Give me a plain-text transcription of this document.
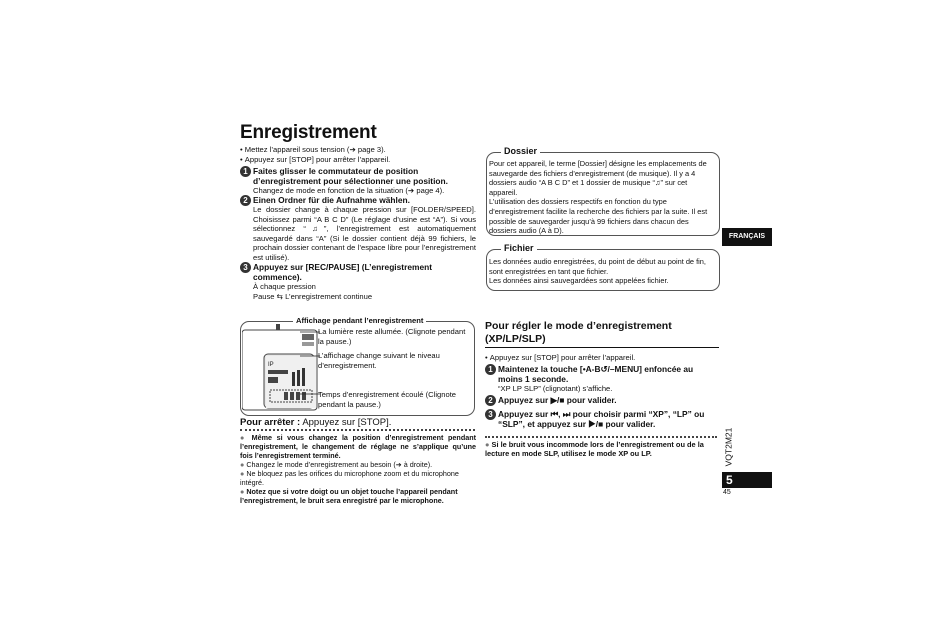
Enregistrement
• Mettez l’appareil sous tension (➔ page 3).
• Appuyez sur [STOP] pour arrêter l’appareil.
1 Faites glisser le commutateur de position d’enregistrement pour sélectionner une position.
Changez de mode en fonction de la situation (➔ page 4).
2 Einen Ordner für die Aufnahme wählen.
Le dossier change à chaque pression sur [FOLDER/SPEED]. Choisissez parmi “A B C D” (Le réglage d’usine est “A”). Si vous sélectionnez “♫”, l’enregistrement est automatiquement sauvegardé dans “A” (Si le dossier contient déjà 99 fichiers, le prochain dossier contenant de l’espace libre pour l’enregistrement est utilisé).
3 Appuyez sur [REC/PAUSE] (L’enregistrement commence).
À chaque pression
Pause ⇆ L’enregistrement continue
Affichage pendant l’enregistrement
IP
La lumière reste allumée. (Clignote pendant la pause.)
L’affichage change suivant le niveau d’enregistrement.
Temps d’enregistrement écoulé (Clignote pendant la pause.)
Pour arrêter : Appuyez sur [STOP].
● Même si vous changez la position d’enregistrement pendant l’enregistrement, le changement de réglage ne s’applique qu’une fois l’enregistrement terminé.
● Changez le mode d’enregistrement au besoin (➔ à droite).
● Ne bloquez pas les orifices du microphone zoom et du microphone intégré.
● Notez que si votre doigt ou un objet touche l’appareil pendant l’enregistrement, le bruit sera enregistré par le microphone.
Dossier
Pour cet appareil, le terme [Dossier] désigne les emplacements de sauvegarde des fichiers d’enregistrement (de musique). Il y a 4 dossiers audio “A B C D” et 1 dossier de musique “♫” sur cet appareil.
L’utilisation des dossiers respectifs en fonction du type d’enregistrement facilite la recherche des fichiers par la suite. Il est possible de sauvegarder jusqu’à 99 fichiers dans chacun des dossiers audio (A à D).
Fichier
Les données audio enregistrées, du point de début au point de fin, sont enregistrées en tant que fichier.
Les données ainsi sauvegardées sont appelées fichier.
Pour régler le mode d’enregistrement (XP/LP/SLP)
• Appuyez sur [STOP] pour arrêter l’appareil.
1 Maintenez la touche [•A-B↺/–MENU] enfoncée au moins 1 seconde.
“XP LP SLP” (clignotant) s’affiche.
2 Appuyez sur ▶/■ pour valider.
3 Appuyez sur ⏮, ⏭ pour choisir parmi “XP”, “LP” ou “SLP”, et appuyez sur ▶/■ pour valider.
● Si le bruit vous incommode lors de l’enregistrement ou de la lecture en mode SLP, utilisez le mode XP ou LP.
FRANÇAIS
VQT2M21
5
45
